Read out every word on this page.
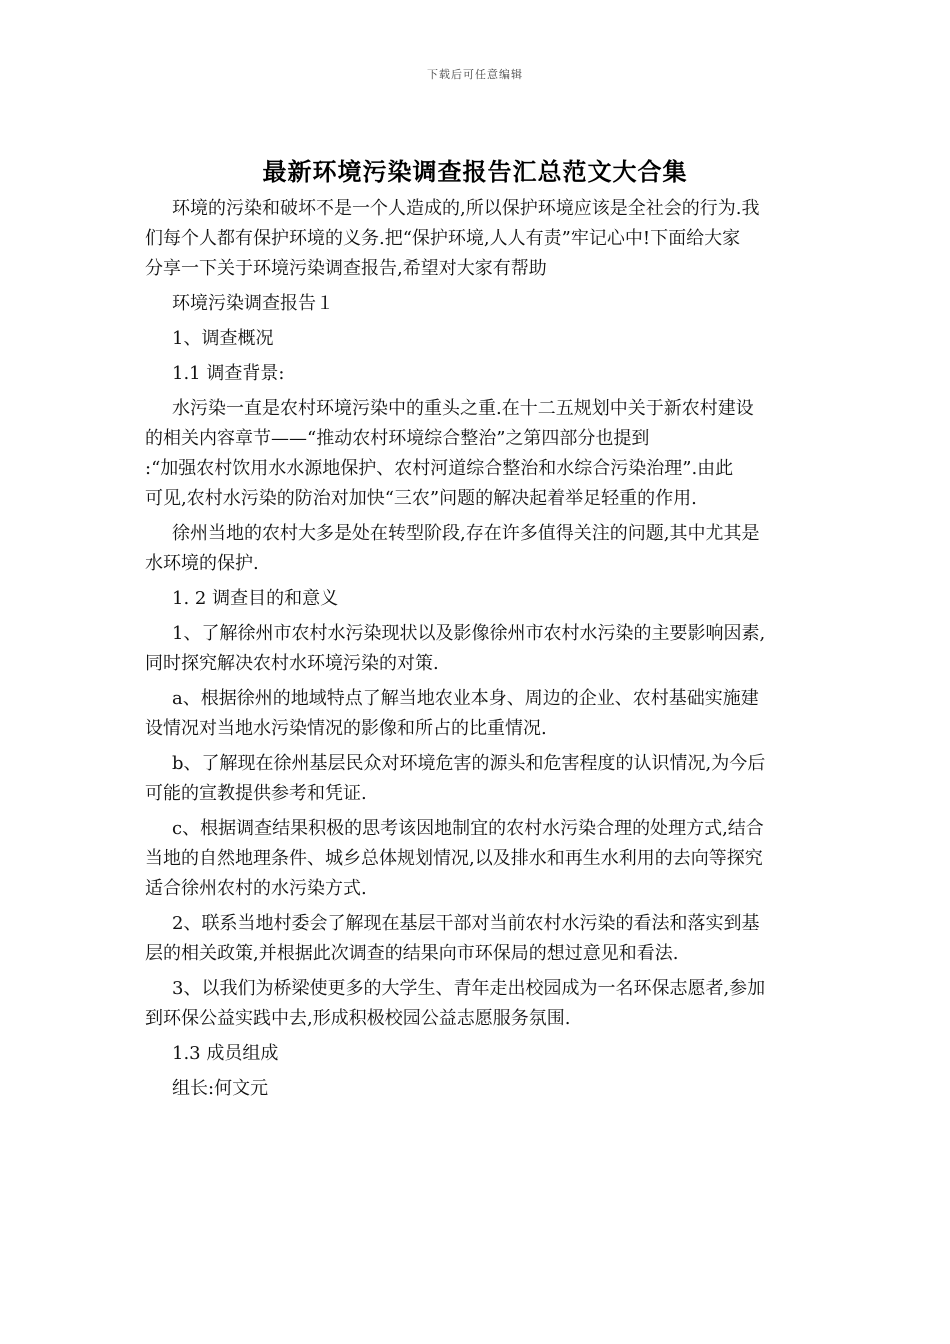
下载后可任意编辑
最新环境污染调查报告汇总范文大合集

环境的污染和破坏不是一个人造成的,所以保护环境应该是全社会的行为.我
们每个人都有保护环境的义务.把“保护环境,人人有责”牢记心中!下面给大家
分享一下关于环境污染调查报告,希望对大家有帮助

环境污染调查报告１

1、调查概况

1.1 调查背景:

水污染一直是农村环境污染中的重头之重.在十二五规划中关于新农村建设
的相关内容章节——“推动农村环境综合整治”之第四部分也提到
:“加强农村饮用水水源地保护、农村河道综合整治和水综合污染治理”.由此
可见,农村水污染的防治对加快“三农”问题的解决起着举足轻重的作用.

徐州当地的农村大多是处在转型阶段,存在许多值得关注的问题,其中尤其是
水环境的保护.

1. 2 调查目的和意义

1、了解徐州市农村水污染现状以及影像徐州市农村水污染的主要影响因素,
同时探究解决农村水环境污染的对策.

a、根据徐州的地域特点了解当地农业本身、周边的企业、农村基础实施建
设情况对当地水污染情况的影像和所占的比重情况.

b、了解现在徐州基层民众对环境危害的源头和危害程度的认识情况,为今后
可能的宣教提供参考和凭证.

c、根据调查结果积极的思考该因地制宜的农村水污染合理的处理方式,结合
当地的自然地理条件、城乡总体规划情况,以及排水和再生水利用的去向等探究
适合徐州农村的水污染方式.

2、联系当地村委会了解现在基层干部对当前农村水污染的看法和落实到基
层的相关政策,并根据此次调查的结果向市环保局的想过意见和看法.

3、以我们为桥梁使更多的大学生、青年走出校园成为一名环保志愿者,参加
到环保公益实践中去,形成积极校园公益志愿服务氛围.

1.3 成员组成

组长:何文元
